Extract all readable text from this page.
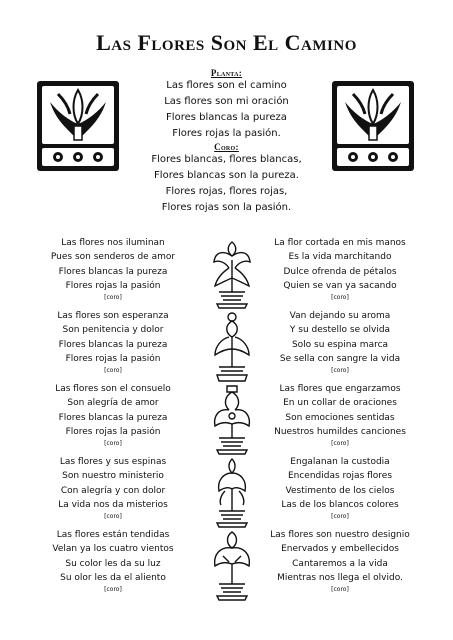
Las Flores Son El Camino
Planta:
Las flores son el camino
Las flores son mi oración
Flores blancas la pureza
Flores rojas la pasión.
Coro:
Flores blancas, flores blancas,
Flores blancas son la pureza.
Flores rojas, flores rojas,
Flores rojas son la pasión.
Las flores nos iluminan
Pues son senderos de amor
Flores blancas la pureza
Flores rojas la pasión
[coro]
La flor cortada en mis manos
Es la vida marchitando
Dulce ofrenda de pétalos
Quien se van ya sacando
[coro]
Las flores son esperanza
Son penitencia y dolor
Flores blancas la pureza
Flores rojas la pasión
[coro]
Van dejando su aroma
Y su destello se olvida
Solo su espina marca
Se sella con sangre la vida
[coro]
Las flores son el consuelo
Son alegría de amor
Flores blancas la pureza
Flores rojas la pasión
[coro]
Las flores que engarzamos
En un collar de oraciones
Son emociones sentidas
Nuestros humildes canciones
[coro]
Las flores y sus espinas
Son nuestro ministerio
Con alegría y con dolor
La vida nos da misterios
[coro]
Engalanan la custodia
Encendidas rojas flores
Vestimento de los cielos
Las de los blancos colores
[coro]
Las flores están tendidas
Velan ya los cuatro vientos
Su color les da su luz
Su olor les da el aliento
[coro]
Las flores son nuestro designio
Enervados y embellecidos
Cantaremos a la vida
Mientras nos llega el olvido.
[coro]
